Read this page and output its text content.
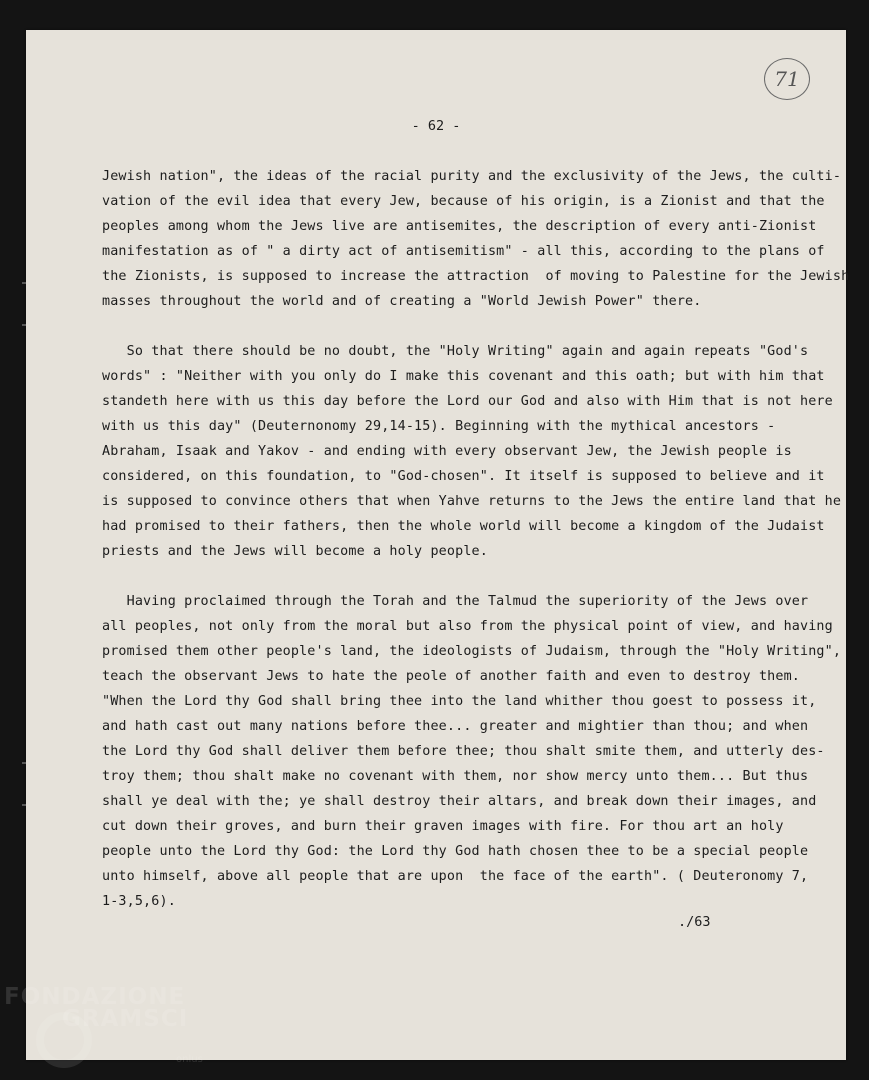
71
- 62 -
Jewish nation", the ideas of the racial purity and the exclusivity of the Jews, the culti-
vation of the evil idea that every Jew, because of his origin, is a Zionist and that the
peoples among whom the Jews live are antisemites, the description of every anti-Zionist
manifestation as of " a dirty act of antisemitism" - all this, according to the plans of
the Zionists, is supposed to increase the attraction  of moving to Palestine for the Jewish
masses throughout the world and of creating a "World Jewish Power" there.
So that there should be no doubt, the "Holy Writing" again and again repeats "God's
words" : "Neither with you only do I make this covenant and this oath; but with him that
standeth here with us this day before the Lord our God and also with Him that is not here
with us this day" (Deuternonomy 29,14-15). Beginning with the mythical ancestors -
Abraham, Isaak and Yakov - and ending with every observant Jew, the Jewish people is
considered, on this foundation, to "God-chosen". It itself is supposed to believe and it
is supposed to convince others that when Yahve returns to the Jews the entire land that he
had promised to their fathers, then the whole world will become a kingdom of the Judaist
priests and the Jews will become a holy people.
Having proclaimed through the Torah and the Talmud the superiority of the Jews over
all peoples, not only from the moral but also from the physical point of view, and having
promised them other people's land, the ideologists of Judaism, through the "Holy Writing",
teach the observant Jews to hate the peole of another faith and even to destroy them.
"When the Lord thy God shall bring thee into the land whither thou goest to possess it,
and hath cast out many nations before thee... greater and mightier than thou; and when
the Lord thy God shall deliver them before thee; thou shalt smite them, and utterly des-
troy them; thou shalt make no covenant with them, nor show mercy unto them... But thus
shall ye deal with the; ye shall destroy their altars, and break down their images, and
cut down their groves, and burn their graven images with fire. For thou art an holy
people unto the Lord thy God: the Lord thy God hath chosen thee to be a special people
unto himself, above all people that are upon  the face of the earth". ( Deuteronomy 7,
1-3,5,6).
./63
FONDAZIONE
GRAMSCI
onlus
